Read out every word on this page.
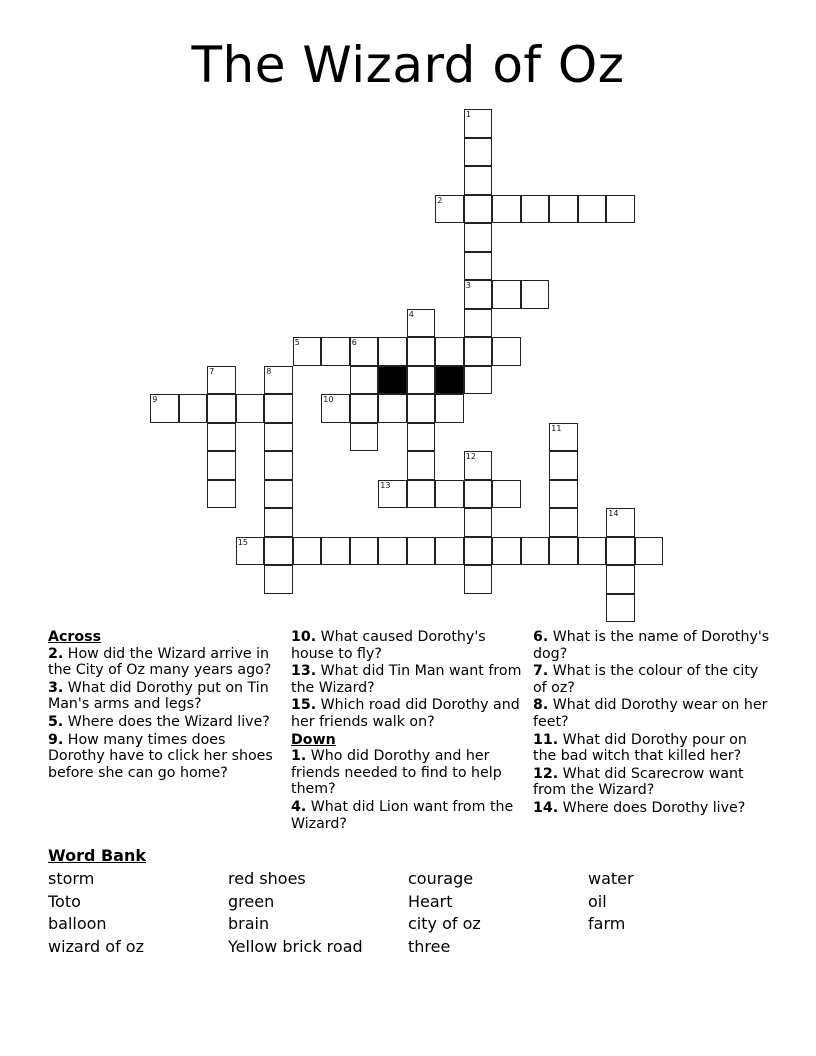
The Wizard of Oz
1
2
3
4
5	6
7	8
9	10
11
12
13
14
15
Across
2. How did the Wizard arrive in the City of Oz many years ago?
3. What did Dorothy put on Tin Man's arms and legs?
5. Where does the Wizard live?
9. How many times does Dorothy have to click her shoes before she can go home?
10. What caused Dorothy's house to fly?
13. What did Tin Man want from the Wizard?
15. Which road did Dorothy and her friends walk on?
Down
1. Who did Dorothy and her friends needed to find to help them?
4. What did Lion want from the Wizard?
6. What is the name of Dorothy's dog?
7. What is the colour of the city of oz?
8. What did Dorothy wear on her feet?
11. What did Dorothy pour on the bad witch that killed her?
12. What did Scarecrow want from the Wizard?
14. Where does Dorothy live?
Word Bank
storm
Toto
balloon
wizard of oz
red shoes
green
brain
Yellow brick road
courage
Heart
city of oz
three
water
oil
farm
